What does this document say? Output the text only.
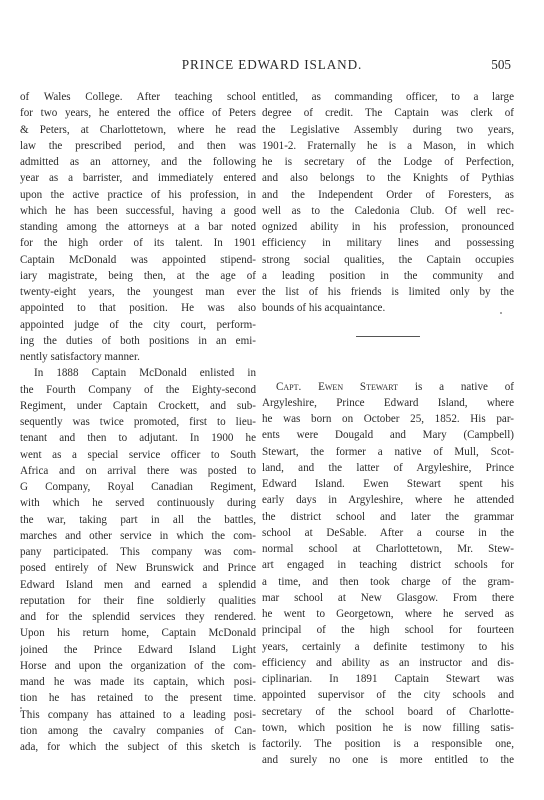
PRINCE EDWARD ISLAND.	505
of Wales College. After teaching school
for two years, he entered the office of Peters
& Peters, at Charlottetown, where he read
law the prescribed period, and then was
admitted as an attorney, and the following
year as a barrister, and immediately entered
upon the active practice of his profession, in
which he has been successful, having a good
standing among the attorneys at a bar noted
for the high order of its talent. In 1901
Captain McDonald was appointed stipend-
iary magistrate, being then, at the age of
twenty-eight years, the youngest man ever
appointed to that position. He was also
appointed judge of the city court, perform-
ing the duties of both positions in an emi-
nently satisfactory manner.
In 1888 Captain McDonald enlisted in
the Fourth Company of the Eighty-second
Regiment, under Captain Crockett, and sub-
sequently was twice promoted, first to lieu-
tenant and then to adjutant. In 1900 he
went as a special service officer to South
Africa and on arrival there was posted to
G Company, Royal Canadian Regiment,
with which he served continuously during
the war, taking part in all the battles,
marches and other service in which the com-
pany participated. This company was com-
posed entirely of New Brunswick and Prince
Edward Island men and earned a splendid
reputation for their fine soldierly qualities
and for the splendid services they rendered.
Upon his return home, Captain McDonald
joined the Prince Edward Island Light
Horse and upon the organization of the com-
mand he was made its captain, which posi-
tion he has retained to the present time.
This company has attained to a leading posi-
tion among the cavalry companies of Can-
ada, for which the subject of this sketch is
entitled, as commanding officer, to a large
degree of credit. The Captain was clerk of
the Legislative Assembly during two years,
1901-2. Fraternally he is a Mason, in which
he is secretary of the Lodge of Perfection,
and also belongs to the Knights of Pythias
and the Independent Order of Foresters, as
well as to the Caledonia Club. Of well rec-
ognized ability in his profession, pronounced
efficiency in military lines and possessing
strong social qualities, the Captain occupies
a leading position in the community and
the list of his friends is limited only by the
bounds of his acquaintance.
Capt. Ewen Stewart is a native of
Argyleshire, Prince Edward Island, where
he was born on October 25, 1852. His par-
ents were Dougald and Mary (Campbell)
Stewart, the former a native of Mull, Scot-
land, and the latter of Argyleshire, Prince
Edward Island. Ewen Stewart spent his
early days in Argyleshire, where he attended
the district school and later the grammar
school at DeSable. After a course in the
normal school at Charlottetown, Mr. Stew-
art engaged in teaching district schools for
a time, and then took charge of the gram-
mar school at New Glasgow. From there
he went to Georgetown, where he served as
principal of the high school for fourteen
years, certainly a definite testimony to his
efficiency and ability as an instructor and dis-
ciplinarian. In 1891 Captain Stewart was
appointed supervisor of the city schools and
secretary of the school board of Charlotte-
town, which position he is now filling satis-
factorily. The position is a responsible one,
and surely no one is more entitled to the
